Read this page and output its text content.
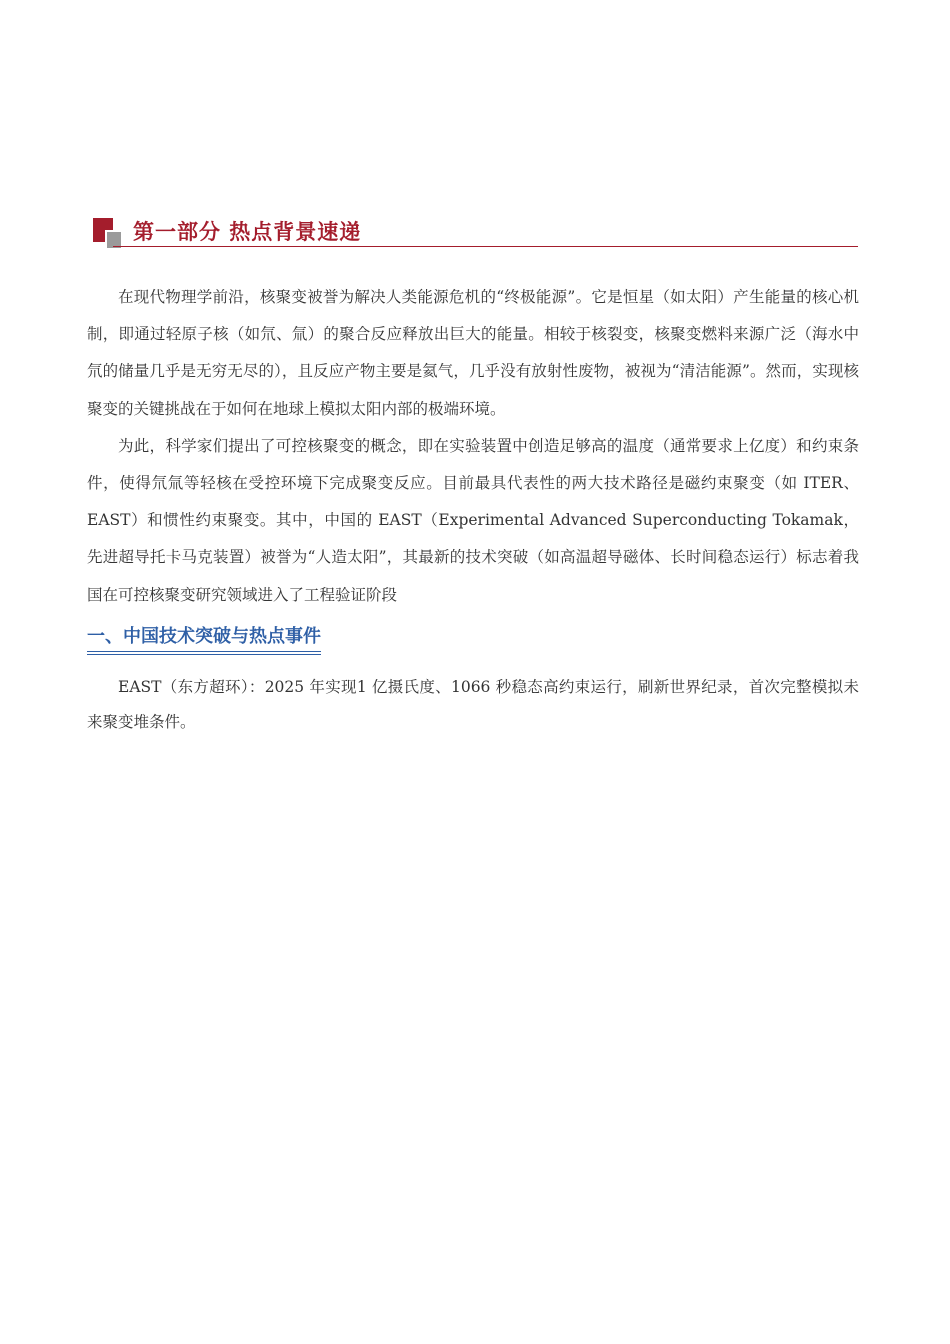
第一部分 热点背景速递

在现代物理学前沿，核聚变被誉为解决人类能源危机的“终极能源”。它是恒星（如太阳）产生能量的核心机制，即通过轻原子核（如氘、氚）的聚合反应释放出巨大的能量。相较于核裂变，核聚变燃料来源广泛（海水中氘的储量几乎是无穷无尽的），且反应产物主要是氦气，几乎没有放射性废物，被视为“清洁能源”。然而，实现核聚变的关键挑战在于如何在地球上模拟太阳内部的极端环境。

为此，科学家们提出了可控核聚变的概念，即在实验装置中创造足够高的温度（通常要求上亿度）和约束条件，使得氘氚等轻核在受控环境下完成聚变反应。目前最具代表性的两大技术路径是磁约束聚变（如 ITER、EAST）和惯性约束聚变。其中，中国的 EAST（Experimental Advanced Superconducting Tokamak，先进超导托卡马克装置）被誉为“人造太阳”，其最新的技术突破（如高温超导磁体、长时间稳态运行）标志着我国在可控核聚变研究领域进入了工程验证阶段

一、中国技术突破与热点事件

EAST（东方超环）：2025 年实现1 亿摄氏度、1066 秒稳态高约束运行，刷新世界纪录，首次完整模拟未来聚变堆条件。
